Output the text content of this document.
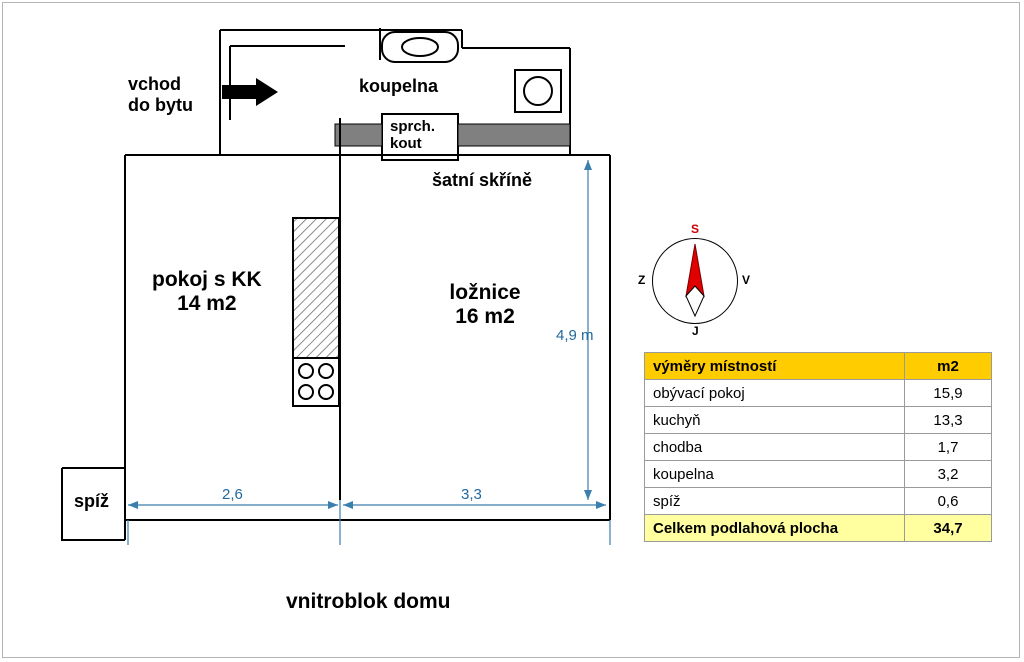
vchod
do bytu
koupelna
sprch.
kout
šatní skříně
pokoj s KK
14 m2	ložnice
16 m2
spíž	2,6	3,3
4,9 m
S
J
Z	V
výměry místností	m2
obývací pokoj	15,9
kuchyň	13,3
chodba	1,7
koupelna	3,2
spíž	0,6
Celkem podlahová plocha	34,7
vnitroblok domu
